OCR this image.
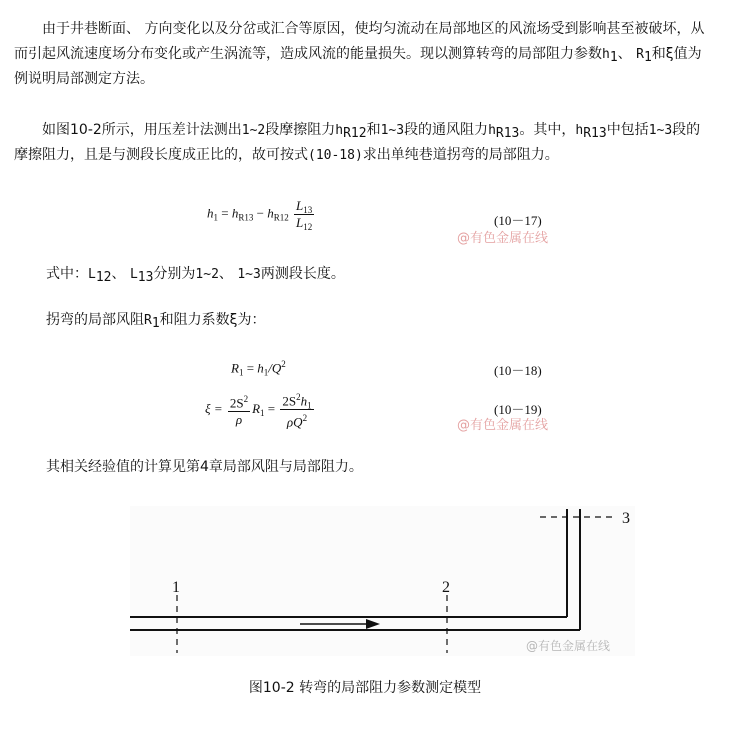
由于井巷断面、 方向变化以及分岔或汇合等原因，使均匀流动在局部地区的风流场受到影响甚至被破坏，从而引起风流速度场分布变化或产生涡流等，造成风流的能量损失。现以测算转弯的局部阻力参数$h_1$、 $R_1$和ξ值为例说明局部测定方法。
如图10-2所示，用压差计法测出1~2段摩擦阻力$h_{R12}$和1~3段的通风阻力$h_{R13}$。其中，$h_{R13}$中包括1~3段的摩擦阻力，且是与测段长度成正比的，故可按式(10-18)求出单纯巷道拐弯的局部阻力。
$h_1 = h_{R13} - h_{R12} \frac{L_{13}}{L_{12}}$	(10－17)
@有色金属在线
式中：$L_{12}$、 $L_{13}$分别为1~2、 1~3两测段长度。
拐弯的局部风阻$R_1$和阻力系数ξ为：
$R_1 = h_1/Q^2$	(10－18)
$\xi = \frac{2S^2}{\rho} R_1 = \frac{2S^2h_1}{\rho Q^2}$	(10－19)
@有色金属在线
其相关经验值的计算见第4章局部风阻与局部阻力。
1	2
3
@有色金属在线
图10-2 转弯的局部阻力参数测定模型
